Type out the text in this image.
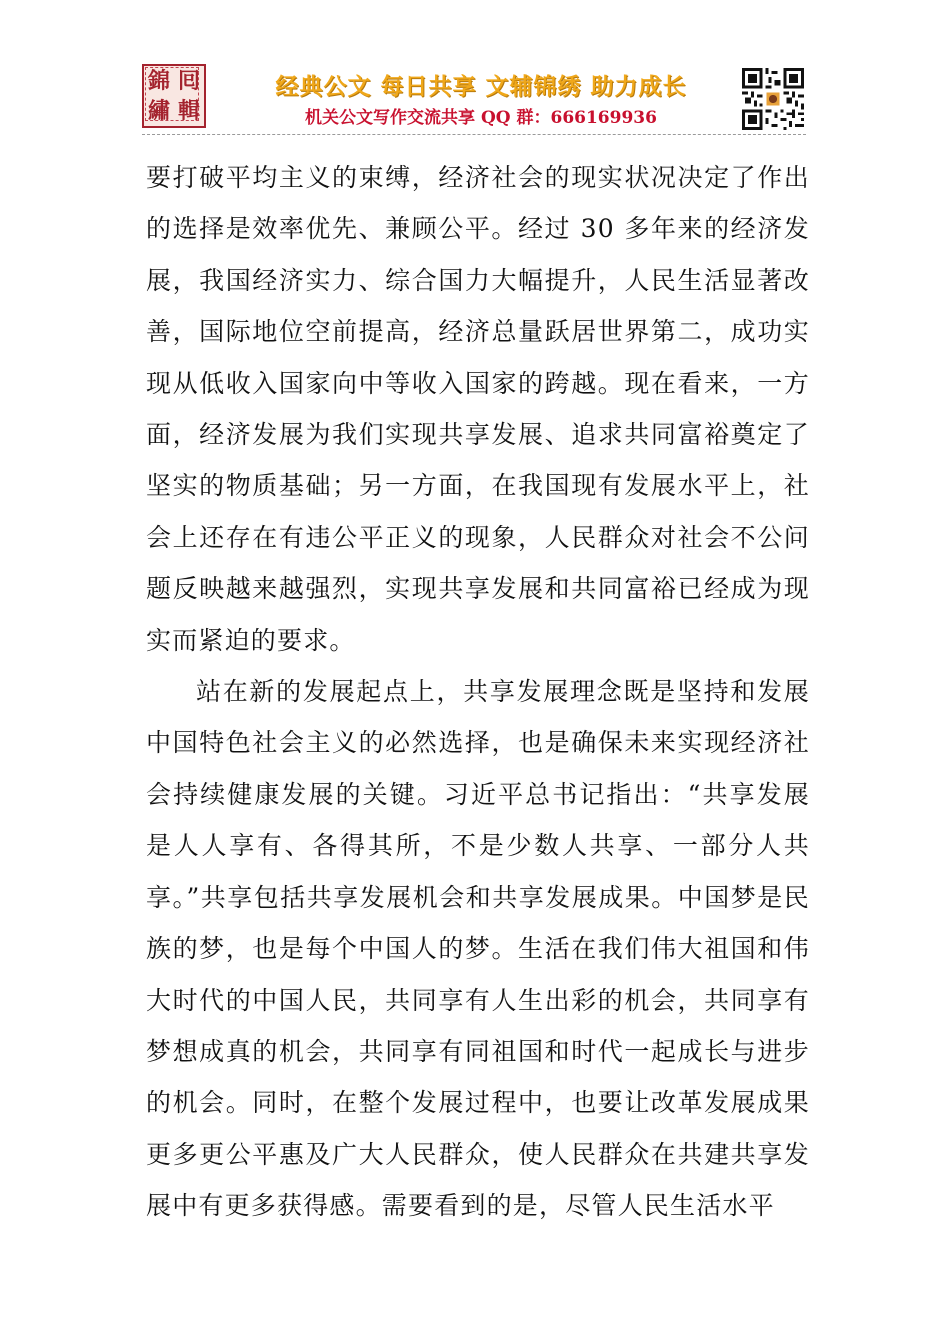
錦 囘
繡 輯
经典公文 每日共享 文辅锦绣 助力成长
机关公文写作交流共享 QQ 群：666169936

要打破平均主义的束缚，经济社会的现实状况决定了作出的选择是效率优先、兼顾公平。经过 30 多年来的经济发展，我国经济实力、综合国力大幅提升，人民生活显著改善，国际地位空前提高，经济总量跃居世界第二，成功实现从低收入国家向中等收入国家的跨越。现在看来，一方面，经济发展为我们实现共享发展、追求共同富裕奠定了坚实的物质基础；另一方面，在我国现有发展水平上，社会上还存在有违公平正义的现象，人民群众对社会不公问题反映越来越强烈，实现共享发展和共同富裕已经成为现实而紧迫的要求。

站在新的发展起点上，共享发展理念既是坚持和发展中国特色社会主义的必然选择，也是确保未来实现经济社会持续健康发展的关键。习近平总书记指出：“共享发展是人人享有、各得其所，不是少数人共享、一部分人共享。”共享包括共享发展机会和共享发展成果。中国梦是民族的梦，也是每个中国人的梦。生活在我们伟大祖国和伟大时代的中国人民，共同享有人生出彩的机会，共同享有梦想成真的机会，共同享有同祖国和时代一起成长与进步的机会。同时，在整个发展过程中，也要让改革发展成果更多更公平惠及广大人民群众，使人民群众在共建共享发展中有更多获得感。需要看到的是，尽管人民生活水平
